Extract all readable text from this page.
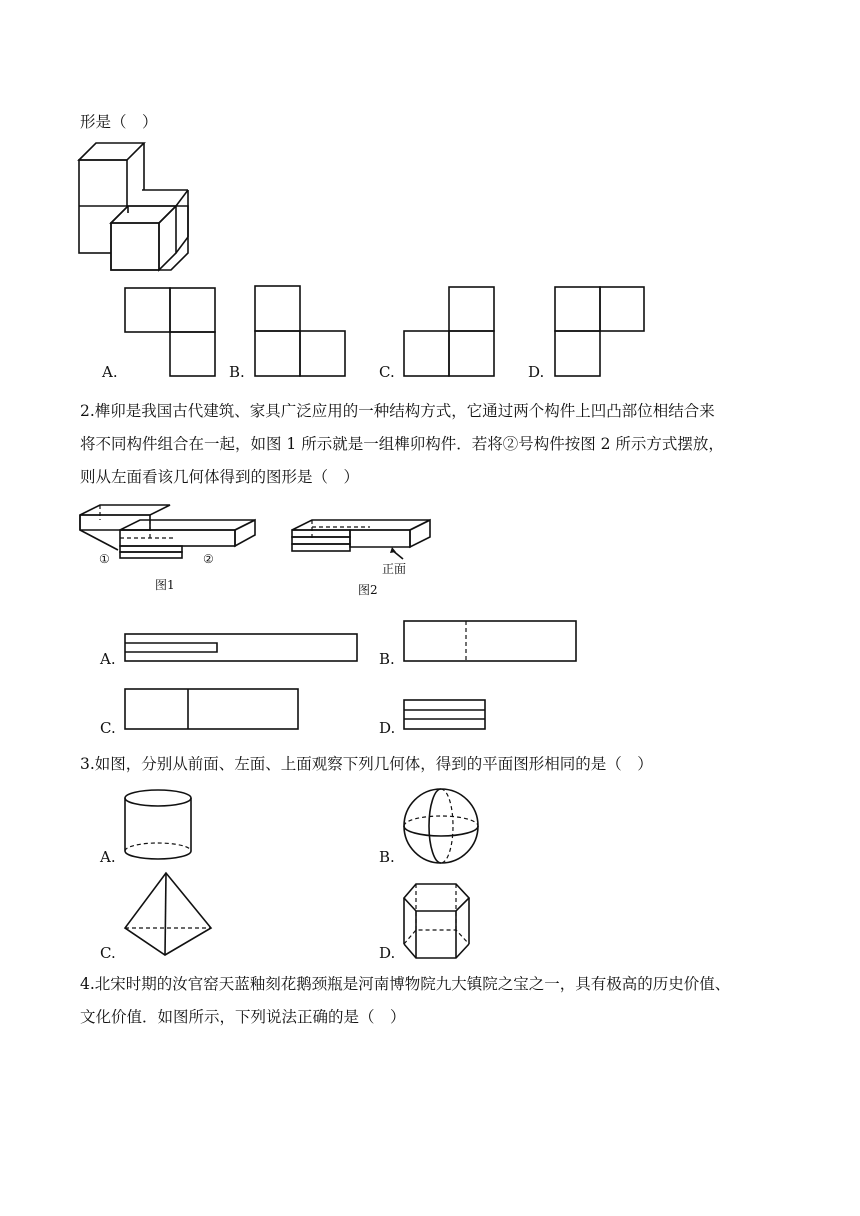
形是（　）
A.	B.	C.	D.
2.榫卯是我国古代建筑、家具广泛应用的一种结构方式，它通过两个构件上凹凸部位相结合来
将不同构件组合在一起，如图 1 所示就是一组榫卯构件．若将②号构件按图 2 所示方式摆放，
则从左面看该几何体得到的图形是（　）
①	②
图1
正面
图2
A.	B.
C.	D.
3.如图，分别从前面、左面、上面观察下列几何体，得到的平面图形相同的是（　）
A.	B.
C.	D.
4.北宋时期的汝官窑天蓝釉刻花鹅颈瓶是河南博物院九大镇院之宝之一，具有极高的历史价值、
文化价值．如图所示，下列说法正确的是（　）
